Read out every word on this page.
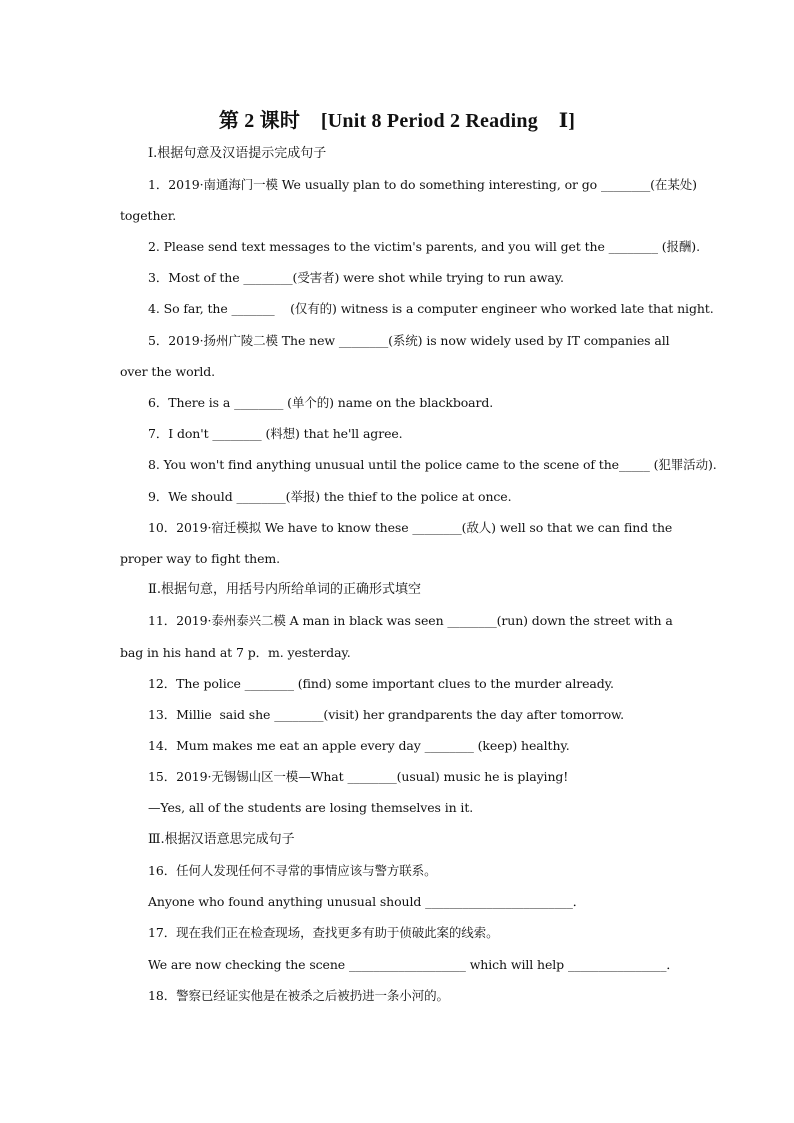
第 2 课时    [Unit 8 Period 2 Reading    Ⅰ]
Ⅰ.根据句意及汉语提示完成句子
1．2019·南通海门一模 We usually plan to do something interesting, or go ________(在某处)
together.
2. Please send text messages to the victim's parents, and you will get the ________ (报酬).
3．Most of the ________(受害者) were shot while trying to run away.
4. So far, the _______    (仅有的) witness is a computer engineer who worked late that night.
5．2019·扬州广陵二模 The new ________(系统) is now widely used by IT companies all
over the world.
6．There is a ________ (单个的) name on the blackboard.
7．I don't ________ (料想) that he'll agree.
8. You won't find anything unusual until the police came to the scene of the_____ (犯罪活动).
9．We should ________(举报) the thief to the police at once.
10．2019·宿迁模拟 We have to know these ________(敌人) well so that we can find the
proper way to fight them.
Ⅱ.根据句意，用括号内所给单词的正确形式填空
11．2019·泰州泰兴二模 A man in black was seen ________(run) down the street with a
bag in his hand at 7 p．m. yesterday.
12．The police ________ (find) some important clues to the murder already.
13．Millie  said she ________(visit) her grandparents the day after tomorrow.
14．Mum makes me eat an apple every day ________ (keep) healthy.
15．2019·无锡锡山区一模—What ________(usual) music he is playing!
—Yes, all of the students are losing themselves in it.
Ⅲ.根据汉语意思完成句子
16．任何人发现任何不寻常的事情应该与警方联系。
Anyone who found anything unusual should ________________________．
17．现在我们正在检查现场，查找更多有助于侦破此案的线索。
We are now checking the scene ___________________ which will help ________________．
18．警察已经证实他是在被杀之后被扔进一条小河的。
